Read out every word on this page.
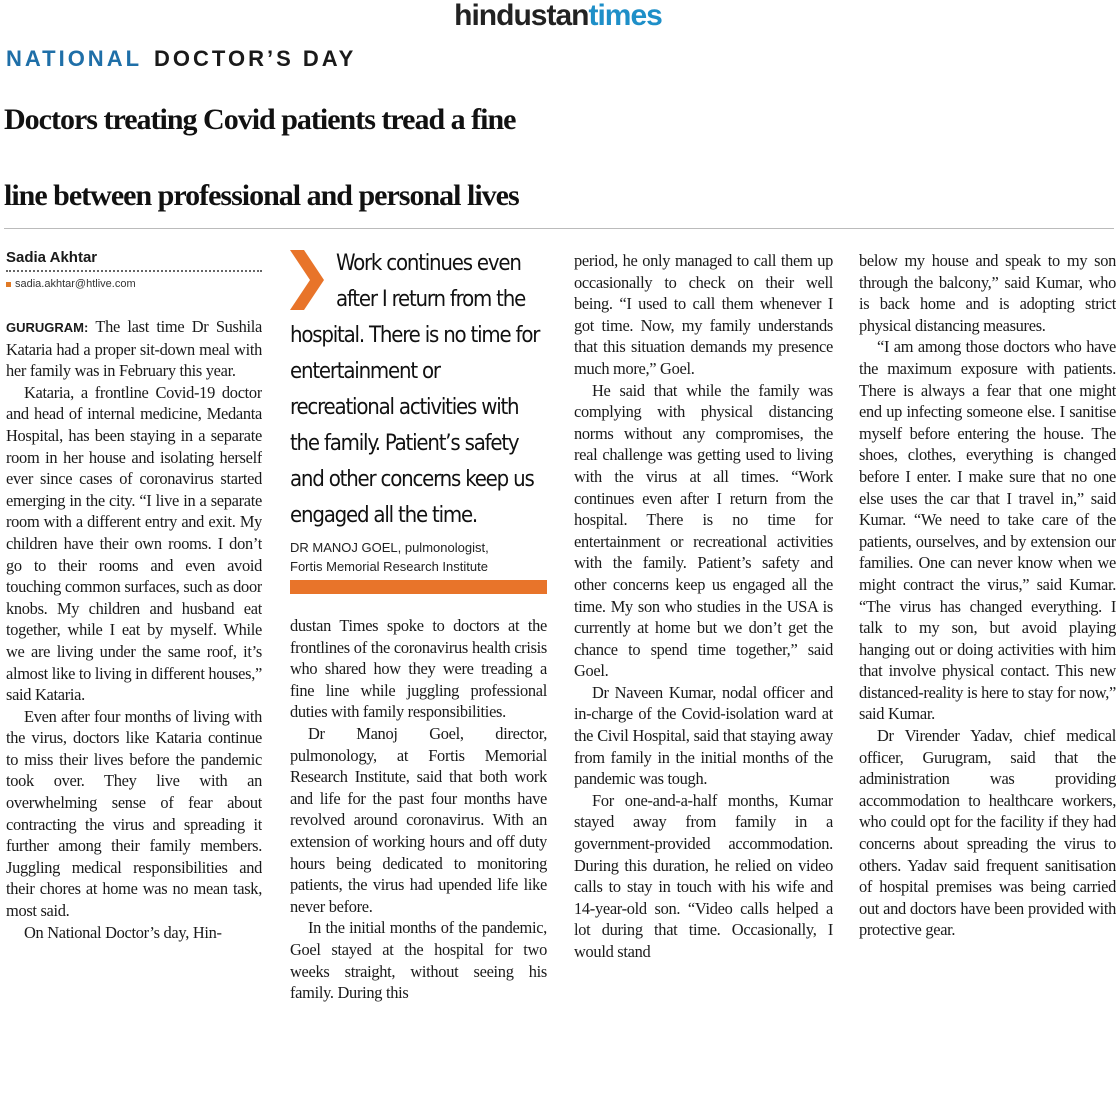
hindustantimes
NATIONAL DOCTOR’S DAY
Doctors treating Covid patients tread a fine
line between professional and personal lives
Sadia Akhtar
sadia.akhtar@htlive.com

GURUGRAM: The last time Dr Sushila Kataria had a proper sit-down meal with her family was in February this year.

Kataria, a frontline Covid-19 doctor and head of internal medicine, Medanta Hospital, has been staying in a separate room in her house and isolating herself ever since cases of coronavirus started emerging in the city. “I live in a separate room with a different entry and exit. My children have their own rooms. I don’t go to their rooms and even avoid touching common surfaces, such as door knobs. My children and husband eat together, while I eat by myself. While we are living under the same roof, it’s almost like to living in different houses,” said Kataria.

Even after four months of living with the virus, doctors like Kataria continue to miss their lives before the pandemic took over. They live with an overwhelming sense of fear about contracting the virus and spreading it further among their family members. Juggling medical responsibilities and their chores at home was no mean task, most said.

On National Doctor’s day, Hin-

Work continues even after I return from the hospital. There is no time for entertainment or recreational activities with the family. Patient’s safety and other concerns keep us engaged all the time.
DR MANOJ GOEL, pulmonologist,
Fortis Memorial Research Institute

dustan Times spoke to doctors at the frontlines of the coronavirus health crisis who shared how they were treading a fine line while juggling professional duties with family responsibilities.

Dr Manoj Goel, director, pulmonology, at Fortis Memorial Research Institute, said that both work and life for the past four months have revolved around coronavirus. With an extension of working hours and off duty hours being dedicated to monitoring patients, the virus had upended life like never before.

In the initial months of the pandemic, Goel stayed at the hospital for two weeks straight, without seeing his family. During this

period, he only managed to call them up occasionally to check on their well being. “I used to call them whenever I got time. Now, my family understands that this situation demands my presence much more,” Goel.

He said that while the family was complying with physical distancing norms without any compromises, the real challenge was getting used to living with the virus at all times. “Work continues even after I return from the hospital. There is no time for entertainment or recreational activities with the family. Patient’s safety and other concerns keep us engaged all the time. My son who studies in the USA is currently at home but we don’t get the chance to spend time together,” said Goel.

Dr Naveen Kumar, nodal officer and in-charge of the Covid-isolation ward at the Civil Hospital, said that staying away from family in the initial months of the pandemic was tough.

For one-and-a-half months, Kumar stayed away from family in a government-provided accommodation. During this duration, he relied on video calls to stay in touch with his wife and 14-year-old son. “Video calls helped a lot during that time. Occasionally, I would stand

below my house and speak to my son through the balcony,” said Kumar, who is back home and is adopting strict physical distancing measures.

“I am among those doctors who have the maximum exposure with patients. There is always a fear that one might end up infecting someone else. I sanitise myself before entering the house. The shoes, clothes, everything is changed before I enter. I make sure that no one else uses the car that I travel in,” said Kumar. “We need to take care of the patients, ourselves, and by extension our families. One can never know when we might contract the virus,” said Kumar. “The virus has changed everything. I talk to my son, but avoid playing hanging out or doing activities with him that involve physical contact. This new distanced-reality is here to stay for now,” said Kumar.

Dr Virender Yadav, chief medical officer, Gurugram, said that the administration was providing accommodation to healthcare workers, who could opt for the facility if they had concerns about spreading the virus to others. Yadav said frequent sanitisation of hospital premises was being carried out and doctors have been provided with protective gear.
